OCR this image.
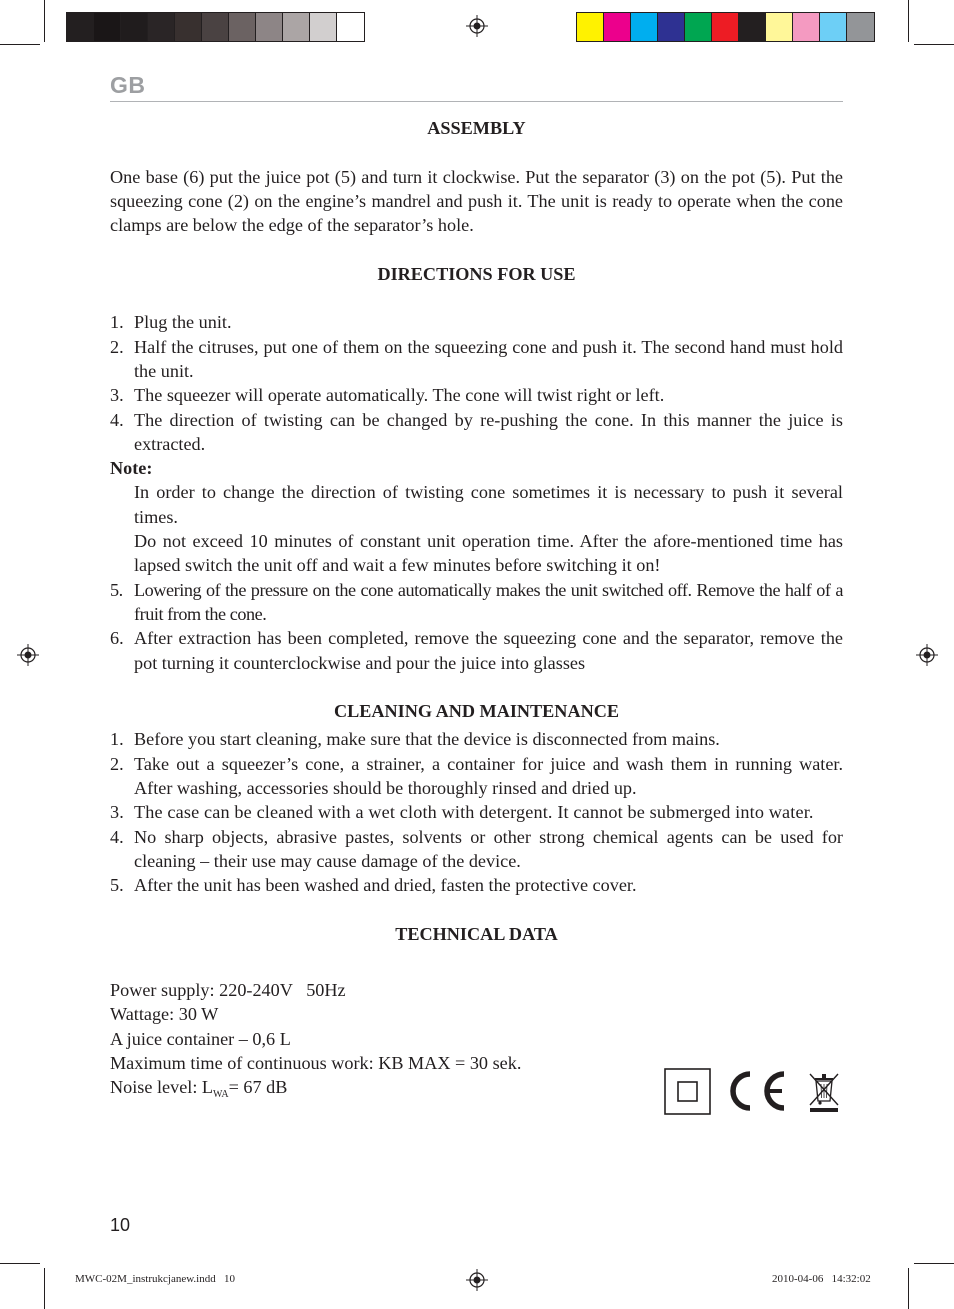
GB

ASSEMBLY

One base (6) put the juice pot (5) and turn it clockwise. Put the separator (3) on the pot (5). Put the squeezing cone (2) on the engine’s mandrel and push it. The unit is ready to operate when the cone clamps are below the edge of the separator’s hole.

DIRECTIONS FOR USE

1. Plug the unit.
2. Half the citruses, put one of them on the squeezing cone and push it. The second hand must hold the unit.
3. The squeezer will operate automatically. The cone will twist right or left.
4. The direction of twisting can be changed by re-pushing the cone. In this manner the juice is extracted.
Note:
In order to change the direction of twisting cone sometimes it is necessary to push it several times.
Do not exceed 10 minutes of constant unit operation time. After the afore-mentioned time has lapsed switch the unit off and wait a few minutes before switching it on!
5. Lowering of the pressure on the cone automatically makes the unit switched off. Remove the half of a fruit from the cone.
6. After extraction has been completed, remove the squeezing cone and the separator, remove the pot turning it counterclockwise and pour the juice into glasses

CLEANING AND MAINTENANCE

1. Before you start cleaning, make sure that the device is disconnected from mains.
2. Take out a squeezer’s cone, a strainer, a container for juice and wash them in running water. After washing, accessories should be thoroughly rinsed and dried up.
3. The case can be cleaned with a wet cloth with detergent. It cannot be submerged into water.
4. No sharp objects, abrasive pastes, solvents or other strong chemical agents can be used for cleaning – their use may cause damage of the device.
5. After the unit has been washed and dried, fasten the protective cover.

TECHNICAL DATA

Power supply: 220-240V   50Hz
Wattage: 30 W
A juice container – 0,6 L
Maximum time of continuous work: KB MAX = 30 sek.
Noise level: $L_{WA}= 67$ dB
10
MWC-02M_instrukcjanew.indd   10	2010-04-06   14:32:02
